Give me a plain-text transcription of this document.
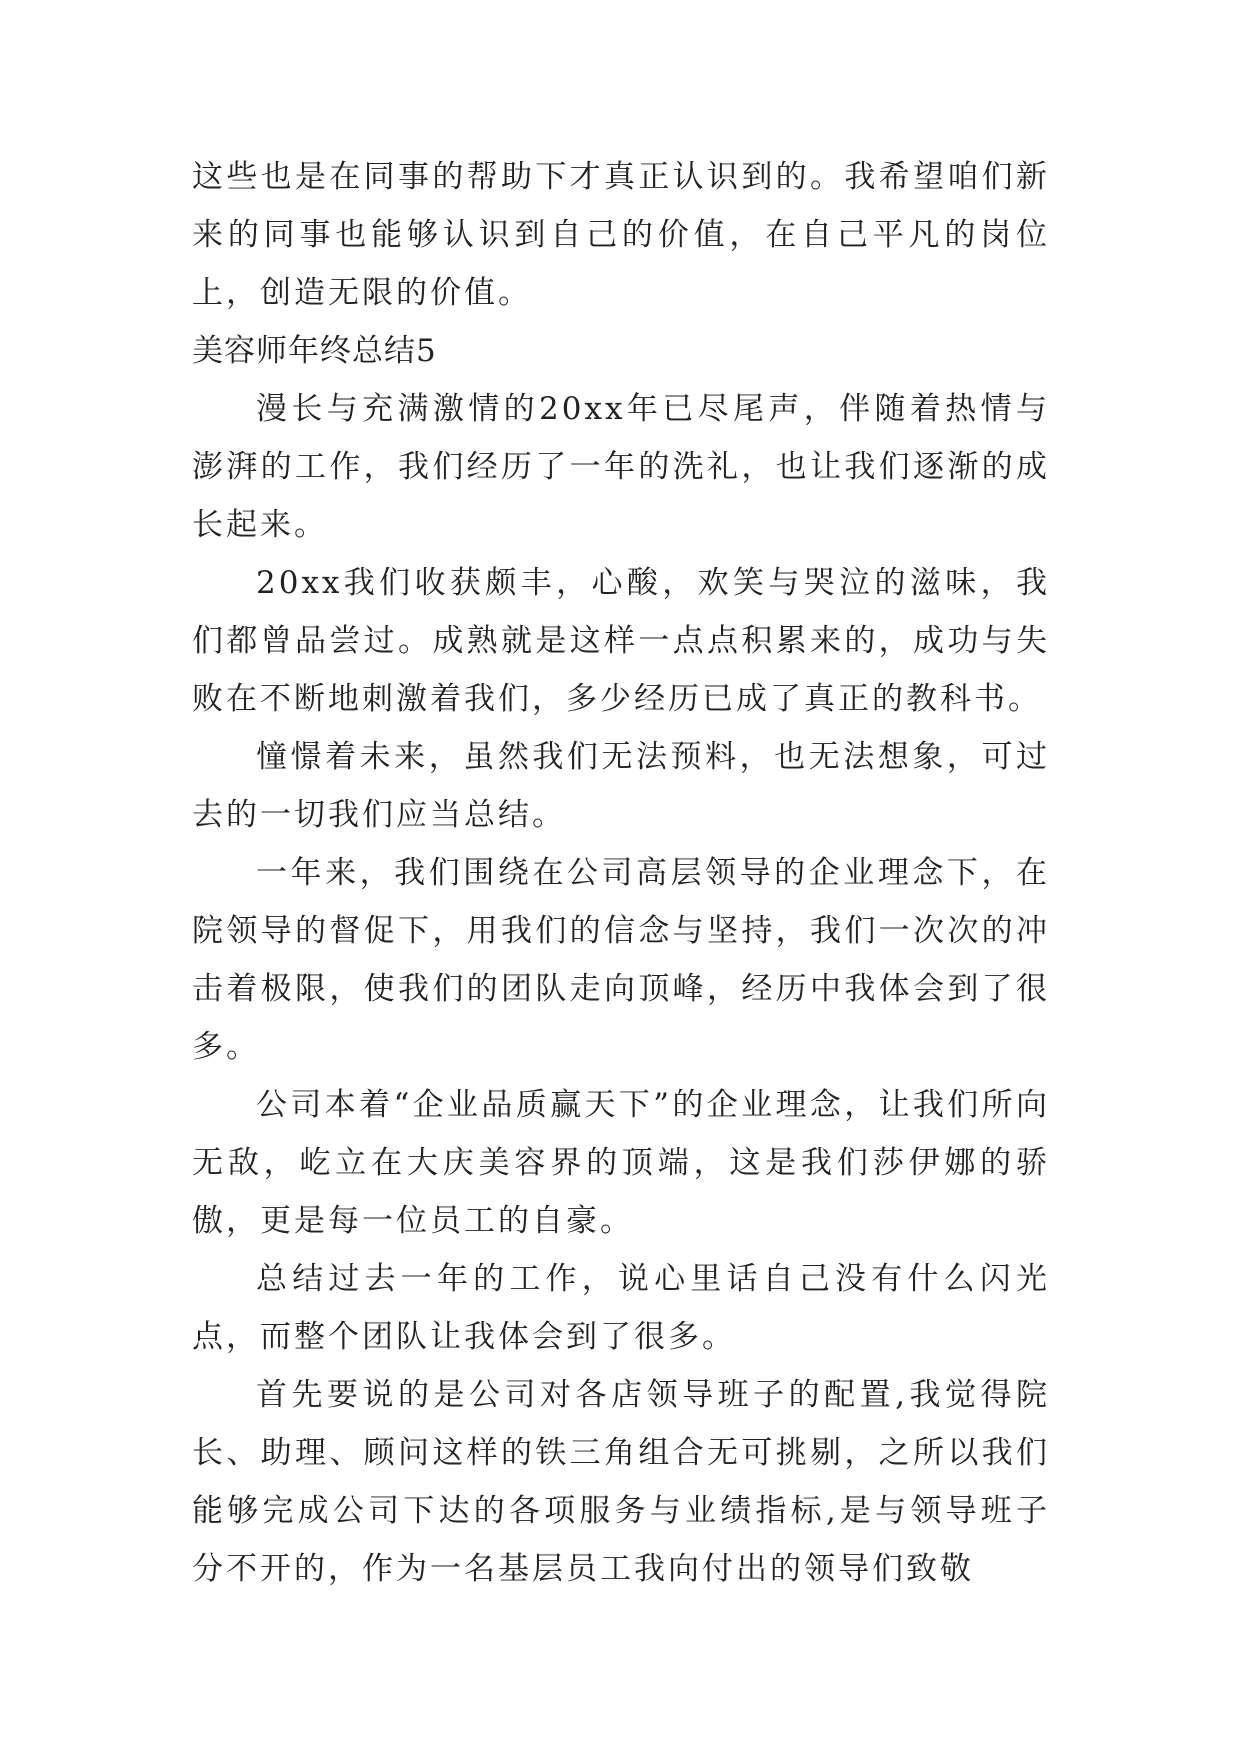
这些也是在同事的帮助下才真正认识到的。我希望咱们新来的同事也能够认识到自己的价值，在自己平凡的岗位上，创造无限的价值。

美容师年终总结5

漫长与充满激情的20xx年已尽尾声，伴随着热情与澎湃的工作，我们经历了一年的洗礼，也让我们逐渐的成长起来。

20xx我们收获颇丰，心酸，欢笑与哭泣的滋味，我们都曾品尝过。成熟就是这样一点点积累来的，成功与失败在不断地刺激着我们，多少经历已成了真正的教科书。

憧憬着未来，虽然我们无法预料，也无法想象，可过去的一切我们应当总结。

一年来，我们围绕在公司高层领导的企业理念下，在院领导的督促下，用我们的信念与坚持，我们一次次的冲击着极限，使我们的团队走向顶峰，经历中我体会到了很多。

公司本着“企业品质赢天下”的企业理念，让我们所向无敌，屹立在大庆美容界的顶端，这是我们莎伊娜的骄傲，更是每一位员工的自豪。

总结过去一年的工作，说心里话自己没有什么闪光点，而整个团队让我体会到了很多。

首先要说的是公司对各店领导班子的配置,我觉得院长、助理、顾问这样的铁三角组合无可挑剔，之所以我们能够完成公司下达的各项服务与业绩指标,是与领导班子分不开的，作为一名基层员工我向付出的领导们致敬
